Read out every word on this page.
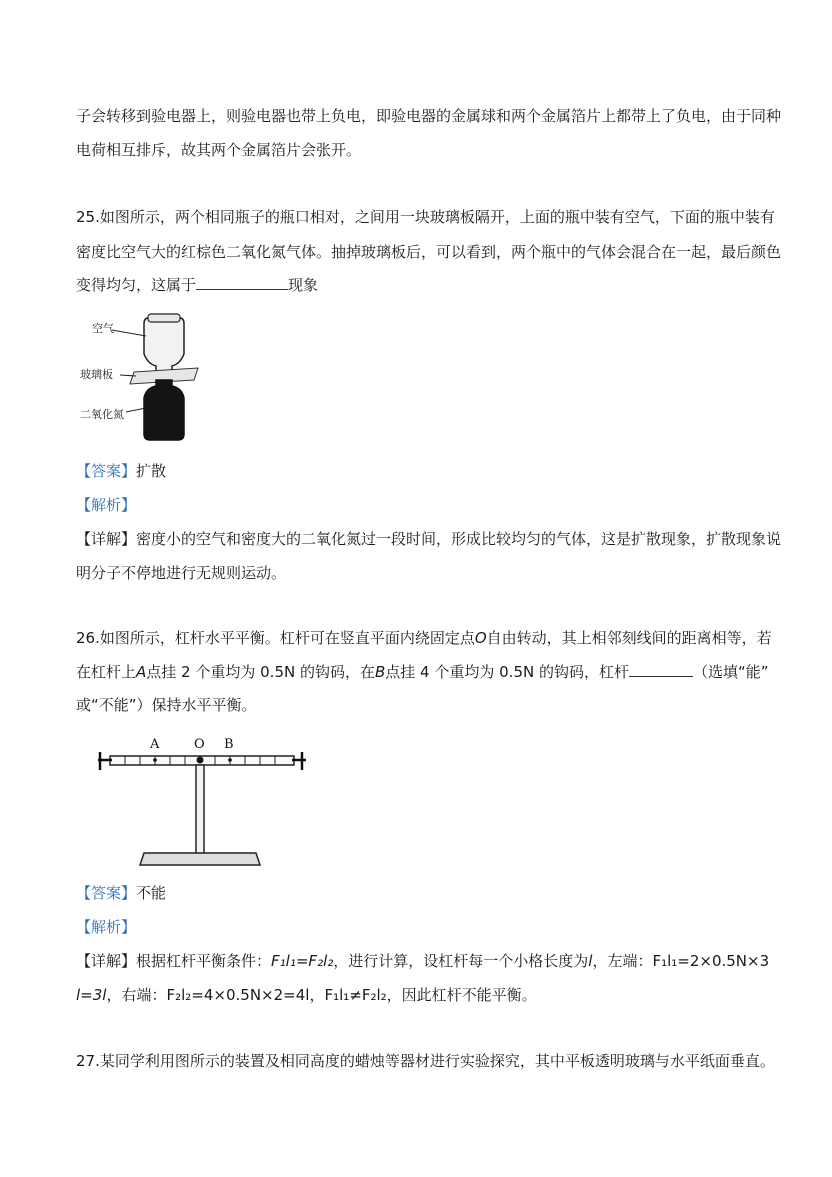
子会转移到验电器上，则验电器也带上负电，即验电器的金属球和两个金属箔片上都带上了负电，由于同种
电荷相互排斥，故其两个金属箔片会张开。
25.如图所示，两个相同瓶子的瓶口相对，之间用一块玻璃板隔开，上面的瓶中装有空气，下面的瓶中装有
密度比空气大的红棕色二氧化氮气体。抽掉玻璃板后，可以看到，两个瓶中的气体会混合在一起，最后颜色
变得均匀，这属于	现象
空气
玻璃板
二氧化氮
【答案】扩散
【解析】
【详解】密度小的空气和密度大的二氧化氮过一段时间，形成比较均匀的气体，这是扩散现象，扩散现象说
明分子不停地进行无规则运动。
26.如图所示，杠杆水平平衡。杠杆可在竖直平面内绕固定点O自由转动，其上相邻刻线间的距离相等，若
在杠杆上A点挂 2 个重均为 0.5N 的钩码，在B点挂 4 个重均为 0.5N 的钩码，杠杆	（选填“能”
或“不能”）保持水平平衡。
A	O B
【答案】不能
【解析】
【详解】根据杠杆平衡条件：F₁l₁=F₂l₂，进行计算，设杠杆每一个小格长度为l，左端：F₁l₁=2×0.5N×3
l=3l，右端：F₂l₂=4×0.5N×2=4l，F₁l₁≠F₂l₂，因此杠杆不能平衡。
27.某同学利用图所示的装置及相同高度的蜡烛等器材进行实验探究，其中平板透明玻璃与水平纸面垂直。
